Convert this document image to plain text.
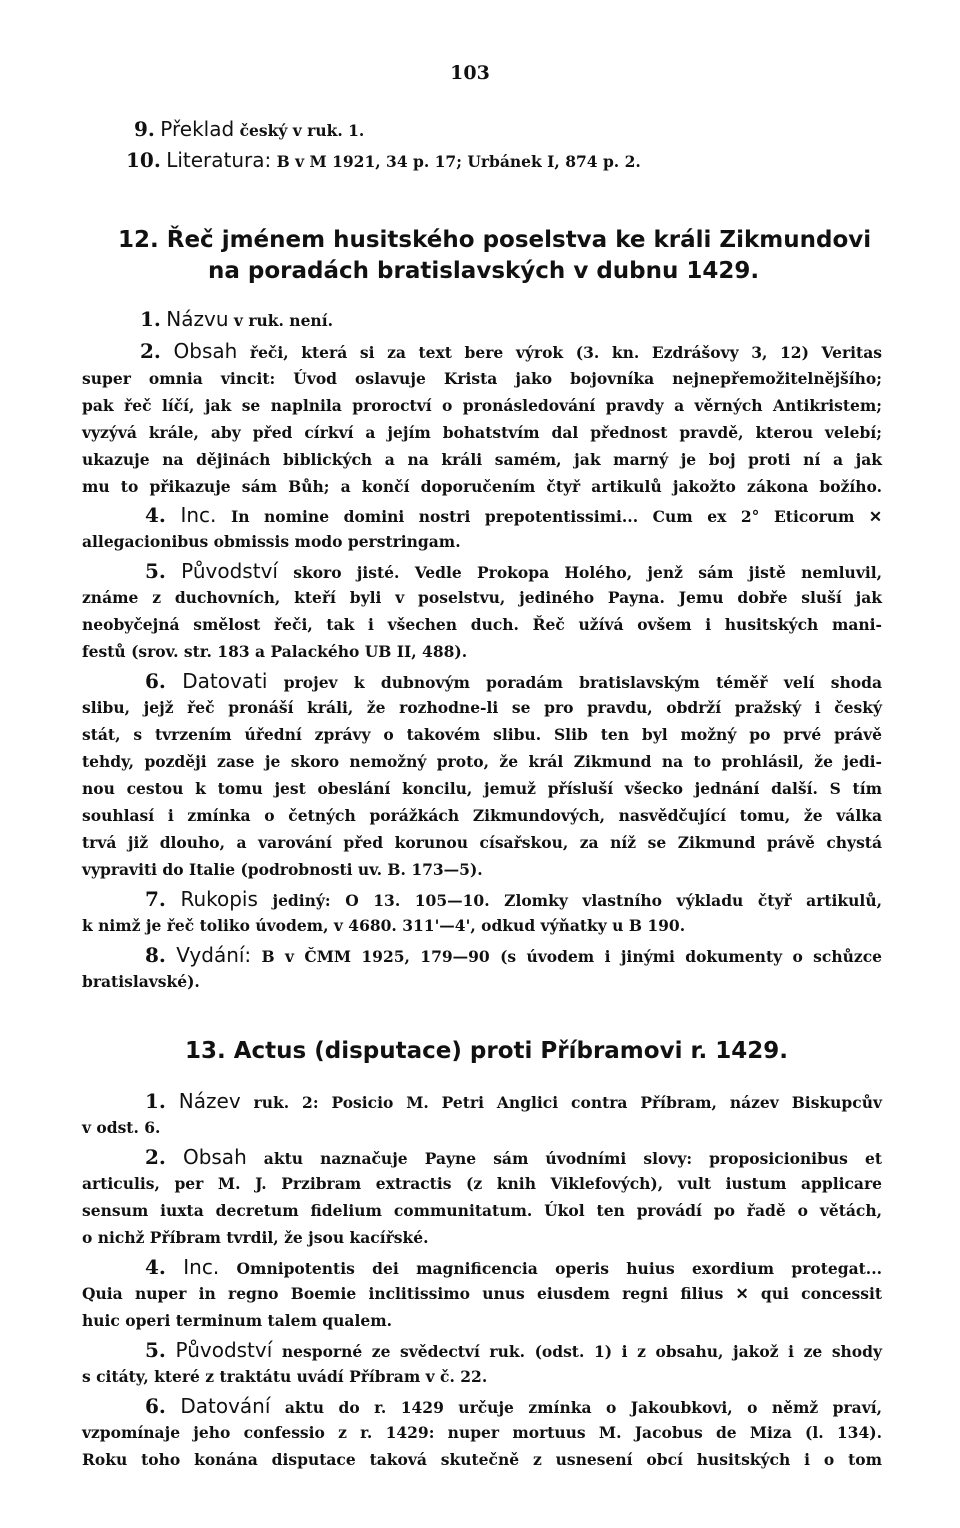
103
9. Překlad český v ruk. 1.
10. Literatura: B v M 1921, 34 p. 17; Urbánek I, 874 p. 2.
12. Řeč jménem husitského poselstva ke králi Zikmundovi
na poradách bratislavských v dubnu 1429.
1. Názvu v ruk. není.
2. Obsah řeči, která si za text bere výrok (3. kn. Ezdrášovy 3, 12) Veritas
super omnia vincit: Úvod oslavuje Krista jako bojovníka nejnepřemožitelnějšího;
pak řeč líčí, jak se naplnila proroctví o pronásledování pravdy a věrných Antikristem;
vyzývá krále, aby před církví a jejím bohatstvím dal přednost pravdě, kterou velebí;
ukazuje na dějinách biblických a na králi samém, jak marný je boj proti ní a jak
mu to přikazuje sám Bůh; a končí doporučením čtyř artikulů jakožto zákona božího.
4. Inc. In nomine domini nostri prepotentissimi... Cum ex 2° Eticorum ✕
allegacionibus obmissis modo perstringam.
5. Původství skoro jisté. Vedle Prokopa Holého, jenž sám jistě nemluvil,
známe z duchovních, kteří byli v poselstvu, jediného Payna. Jemu dobře sluší jak
neobyčejná smělost řeči, tak i všechen duch. Řeč užívá ovšem i husitských mani-
festů (srov. str. 183 a Palackého UB II, 488).
6. Datovati projev k dubnovým poradám bratislavským téměř velí shoda
slibu, jejž řeč pronáší králi, že rozhodne-li se pro pravdu, obdrží pražský i český
stát, s tvrzením úřední zprávy o takovém slibu. Slib ten byl možný po prvé právě
tehdy, později zase je skoro nemožný proto, že král Zikmund na to prohlásil, že jedi-
nou cestou k tomu jest obeslání koncilu, jemuž přísluší všecko jednání další. S tím
souhlasí i zmínka o četných porážkách Zikmundových, nasvědčující tomu, že válka
trvá již dlouho, a varování před korunou císařskou, za níž se Zikmund právě chystá
vypraviti do Italie (podrobnosti uv. B. 173—5).
7. Rukopis jediný: O 13. 105—10. Zlomky vlastního výkladu čtyř artikulů,
k nimž je řeč toliko úvodem, v 4680. 311'—4', odkud výňatky u B 190.
8. Vydání: B v ČMM 1925, 179—90 (s úvodem i jinými dokumenty o schůzce
bratislavské).
13. Actus (disputace) proti Příbramovi r. 1429.
1. Název ruk. 2: Posicio M. Petri Anglici contra Příbram, název Biskupcův
v odst. 6.
2. Obsah aktu naznačuje Payne sám úvodními slovy: proposicionibus et
articulis, per M. J. Przibram extractis (z knih Viklefových), vult iustum applicare
sensum iuxta decretum fidelium communitatum. Úkol ten provádí po řadě o větách,
o nichž Příbram tvrdil, že jsou kacířské.
4. Inc. Omnipotentis dei magnificencia operis huius exordium protegat...
Quia nuper in regno Boemie inclitissimo unus eiusdem regni filius ✕ qui concessit
huic operi terminum talem qualem.
5. Původství nesporné ze svědectví ruk. (odst. 1) i z obsahu, jakož i ze shody
s citáty, které z traktátu uvádí Příbram v č. 22.
6. Datování aktu do r. 1429 určuje zmínka o Jakoubkovi, o němž praví,
vzpomínaje jeho confessio z r. 1429: nuper mortuus M. Jacobus de Miza (l. 134).
Roku toho konána disputace taková skutečně z usnesení obcí husitských i o tom
